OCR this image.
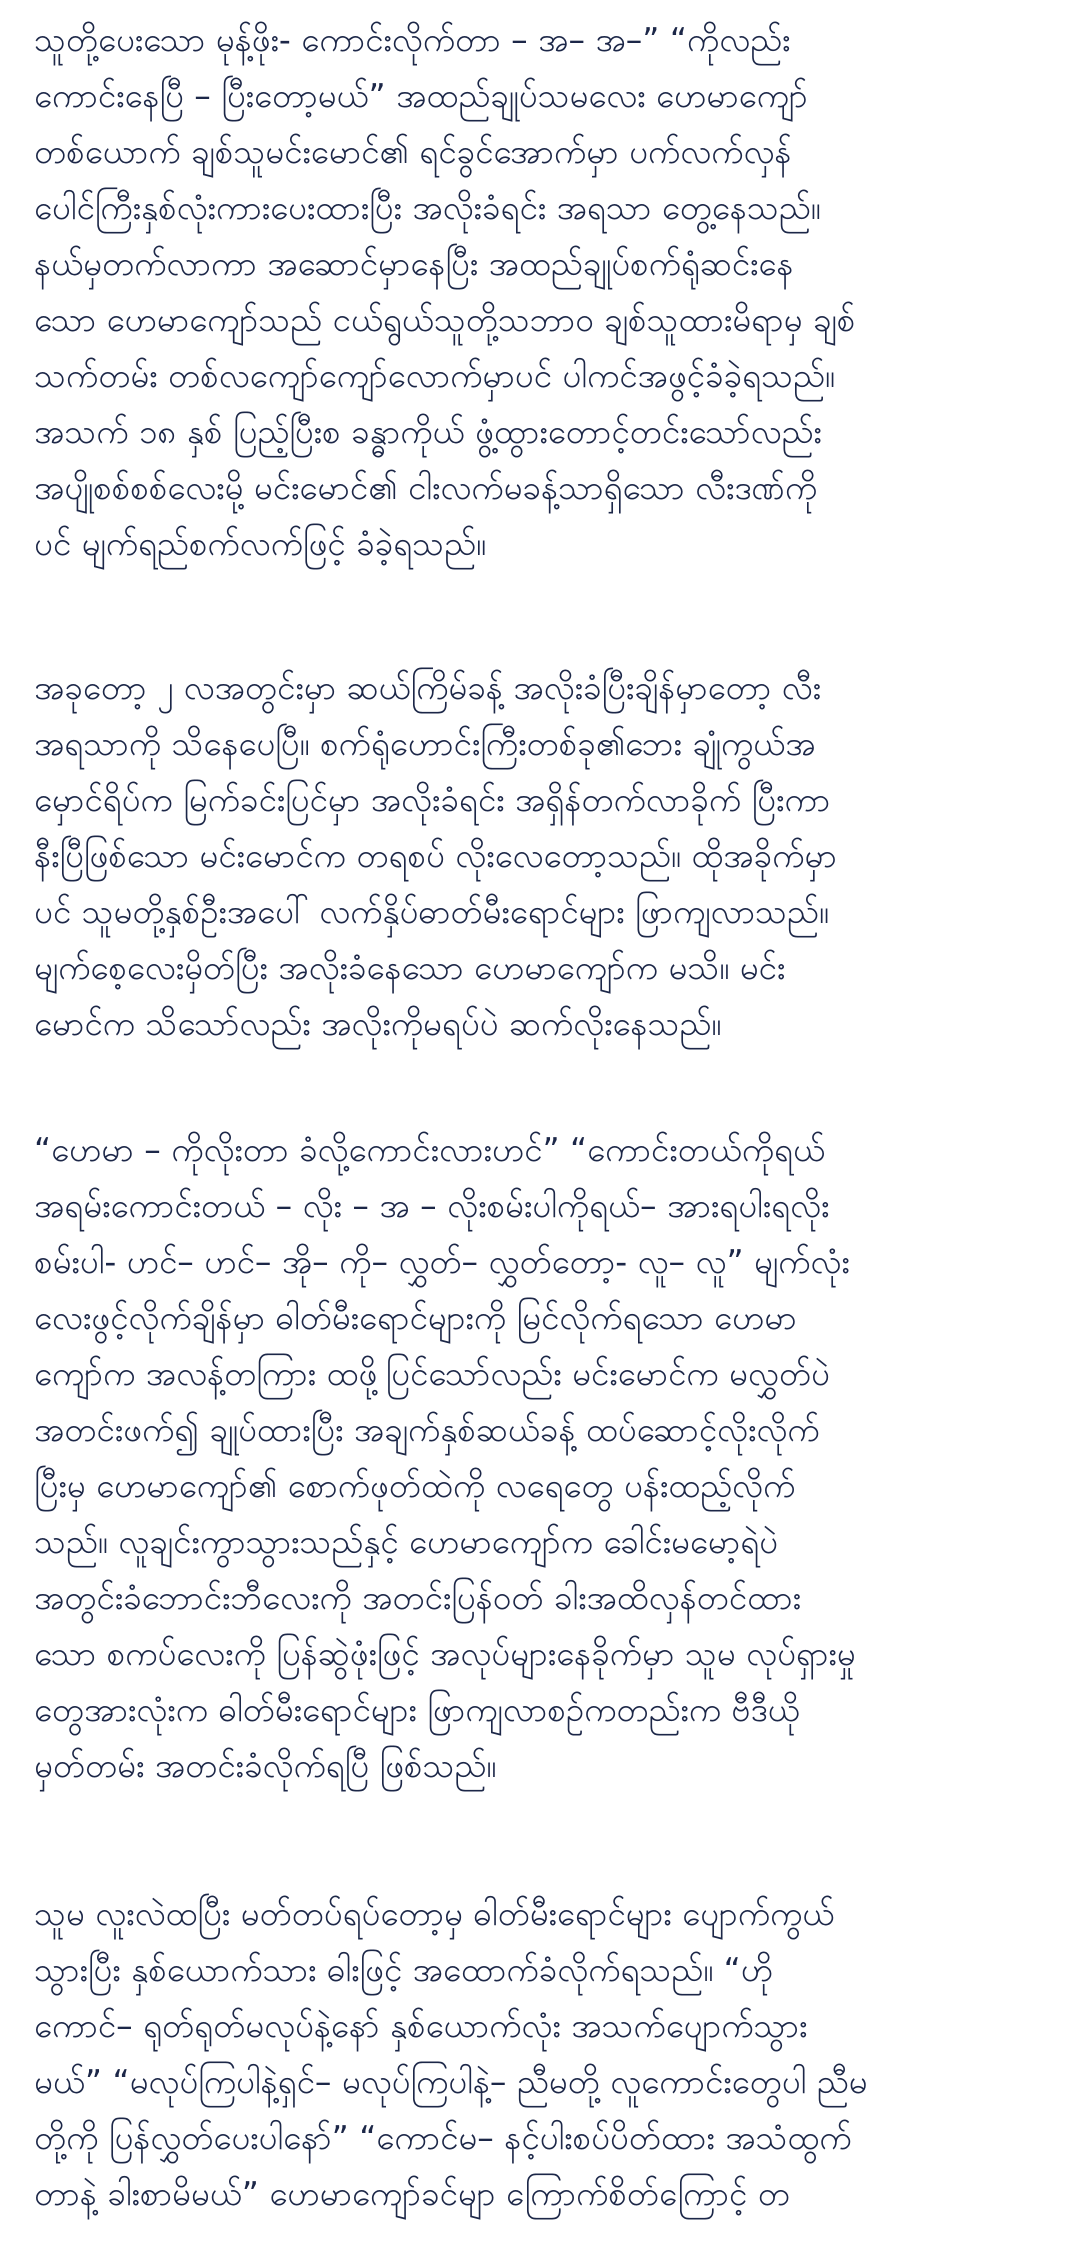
သူတို့ပေးသော မုန့်ဖိုး- ကောင်းလိုက်တာ – အ– အ–” “ကိုလည်း
ကောင်းနေပြီ – ပြီးတော့မယ်” အထည်ချုပ်သမလေး ဟေမာကျော်
တစ်ယောက် ချစ်သူမင်းမောင်၏ ရင်ခွင်အောက်မှာ ပက်လက်လှန်
ပေါင်ကြီးနှစ်လုံးကားပေးထားပြီး အလိုးခံရင်း အရသာ တွေ့နေသည်။
နယ်မှတက်လာကာ အဆောင်မှာနေပြီး အထည်ချုပ်စက်ရုံဆင်းနေ
သော ဟေမာကျော်သည် ငယ်ရွယ်သူတို့သဘာဝ ချစ်သူထားမိရာမှ ချစ်
သက်တမ်း တစ်လကျော်ကျော်လောက်မှာပင် ပါကင်အဖွင့်ခံခဲ့ရသည်။
အသက် ၁၈ နှစ် ပြည့်ပြီးစ ခန္ဓာကိုယ် ဖွံ့ထွားတောင့်တင်းသော်လည်း
အပျိုစစ်စစ်လေးမို့ မင်းမောင်၏ ငါးလက်မခန့်သာရှိသော လီးဒဏ်ကို
ပင် မျက်ရည်စက်လက်ဖြင့် ခံခဲ့ရသည်။
အခုတော့ ၂ လအတွင်းမှာ ဆယ်ကြိမ်ခန့် အလိုးခံပြီးချိန်မှာတော့ လီး
အရသာကို သိနေပေပြီ။ စက်ရုံဟောင်းကြီးတစ်ခု၏ဘေး ချုံကွယ်အ
မှောင်ရိပ်က မြက်ခင်းပြင်မှာ အလိုးခံရင်း အရှိန်တက်လာခိုက် ပြီးကာ
နီးပြီဖြစ်သော မင်းမောင်က တရစပ် လိုးလေတော့သည်။ ထိုအခိုက်မှာ
ပင် သူမတို့နှစ်ဦးအပေါ် လက်နှိပ်ဓာတ်မီးရောင်များ ဖြာကျလာသည်။
မျက်စေ့လေးမှိတ်ပြီး အလိုးခံနေသော ဟေမာကျော်က မသိ။ မင်း
မောင်က သိသော်လည်း အလိုးကိုမရပ်ပဲ ဆက်လိုးနေသည်။
“ဟေမာ – ကိုလိုးတာ ခံလို့ကောင်းလားဟင်” “ကောင်းတယ်ကိုရယ်
အရမ်းကောင်းတယ် – လိုး – အ – လိုးစမ်းပါကိုရယ်– အားရပါးရလိုး
စမ်းပါ- ဟင်– ဟင်– အို– ကို– လွှတ်– လွှတ်တော့- လူ– လူ” မျက်လုံး
လေးဖွင့်လိုက်ချိန်မှာ ဓါတ်မီးရောင်များကို မြင်လိုက်ရသော ဟေမာ
ကျော်က အလန့်တကြား ထဖို့ပြင်သော်လည်း မင်းမောင်က မလွှတ်ပဲ
အတင်းဖက်၍ ချုပ်ထားပြီး အချက်နှစ်ဆယ်ခန့် ထပ်ဆောင့်လိုးလိုက်
ပြီးမှ ဟေမာကျော်၏ စောက်ဖုတ်ထဲကို လရေတွေ ပန်းထည့်လိုက်
သည်။ လူချင်းကွာသွားသည်နှင့် ဟေမာကျော်က ခေါင်းမမော့ရဲပဲ
အတွင်းခံဘောင်းဘီလေးကို အတင်းပြန်ဝတ် ခါးအထိလှန်တင်ထား
သော စကပ်လေးကို ပြန်ဆွဲဖုံးဖြင့် အလုပ်များနေခိုက်မှာ သူမ လုပ်ရှားမှု
တွေအားလုံးက ဓါတ်မီးရောင်များ ဖြာကျလာစဉ်ကတည်းက ဗီဒီယို
မှတ်တမ်း အတင်းခံလိုက်ရပြီ ဖြစ်သည်။
သူမ လူးလဲထပြီး မတ်တပ်ရပ်တော့မှ ဓါတ်မီးရောင်များ ပျောက်ကွယ်
သွားပြီး နှစ်ယောက်သား ဓါးဖြင့် အထောက်ခံလိုက်ရသည်။ “ဟို
ကောင်– ရုတ်ရုတ်မလုပ်နဲ့နော် နှစ်ယောက်လုံး အသက်ပျောက်သွား
မယ်” “မလုပ်ကြပါနဲ့ရှင်– မလုပ်ကြပါနဲ့– ညီမတို့ လူကောင်းတွေပါ ညီမ
တို့ကို ပြန်လွှတ်ပေးပါနော်” “ကောင်မ– နင့်ပါးစပ်ပိတ်ထား အသံထွက်
တာနဲ့ ခါးစာမိမယ်” ဟေမာကျော်ခင်မျာ ကြောက်စိတ်ကြောင့် တ
